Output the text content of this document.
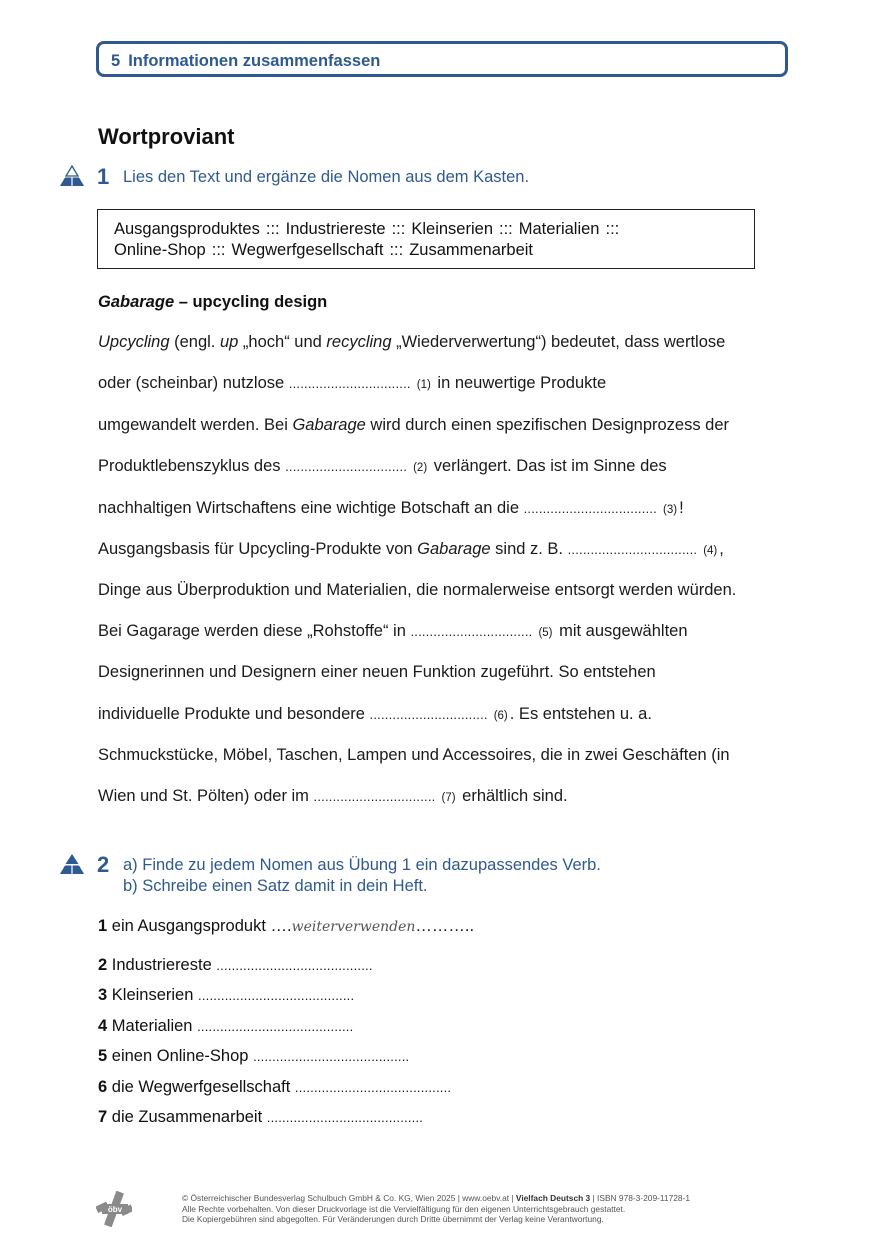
5 Informationen zusammenfassen
Wortproviant
1 Lies den Text und ergänze die Nomen aus dem Kasten.
Ausgangsproduktes ::: Industriereste ::: Kleinserien ::: Materialien :::
Online-Shop ::: Wegwerfgesellschaft ::: Zusammenarbeit
Gabarage – upcycling design
Upcycling (engl. up „hoch“ und recycling „Wiederverwertung“) bedeutet, dass wertlose
oder (scheinbar) nutzlose ................................ (1) in neuwertige Produkte
umgewandelt werden. Bei Gabarage wird durch einen spezifischen Designprozess der
Produktlebenszyklus des ................................ (2) verlängert. Das ist im Sinne des
nachhaltigen Wirtschaftens eine wichtige Botschaft an die ................................... (3) !
Ausgangsbasis für Upcycling-Produkte von Gabarage sind z. B. .................................. (4) ,
Dinge aus Überproduktion und Materialien, die normalerweise entsorgt werden würden.
Bei Gagarage werden diese „Rohstoffe“ in ................................ (5) mit ausgewählten
Designerinnen und Designern einer neuen Funktion zugeführt. So entstehen
individuelle Produkte und besondere ............................... (6) . Es entstehen u. a.
Schmuckstücke, Möbel, Taschen, Lampen und Accessoires, die in zwei Geschäften (in
Wien und St. Pölten) oder im ................................ (7) erhältlich sind.
2 a) Finde zu jedem Nomen aus Übung 1 ein dazupassendes Verb.
b) Schreibe einen Satz damit in dein Heft.
1 ein Ausgangsprodukt ….weiterverwenden………..
2 Industriereste .........................................
3 Kleinserien .........................................
4 Materialien .........................................
5 einen Online-Shop .........................................
6 die Wegwerfgesellschaft .........................................
7 die Zusammenarbeit .........................................
öbv
© Österreichischer Bundesverlag Schulbuch GmbH & Co. KG, Wien 2025 | www.oebv.at | Vielfach Deutsch 3 | ISBN 978-3-209-11728-1
Alle Rechte vorbehalten. Von dieser Druckvorlage ist die Vervielfältigung für den eigenen Unterrichtsgebrauch gestattet.
Die Kopiergebühren sind abgegolten. Für Veränderungen durch Dritte übernimmt der Verlag keine Verantwortung.
